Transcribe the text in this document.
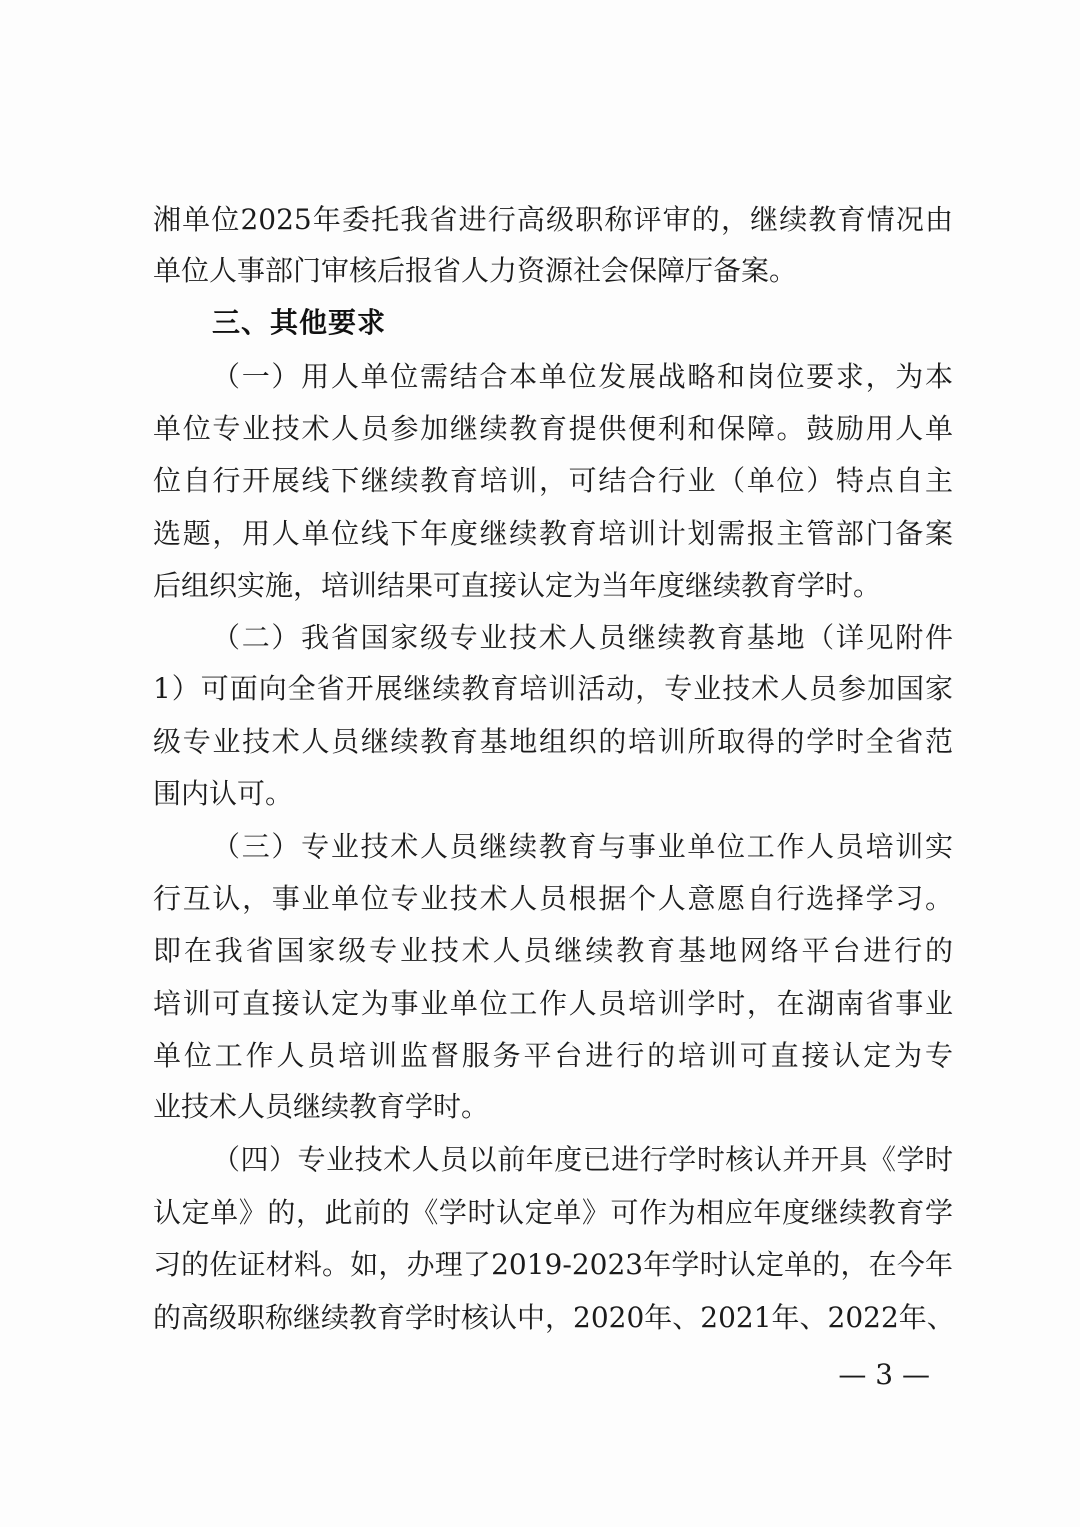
湘单位2025年委托我省进行高级职称评审的，继续教育情况由
单位人事部门审核后报省人力资源社会保障厅备案。
三、其他要求
（一）用人单位需结合本单位发展战略和岗位要求，为本
单位专业技术人员参加继续教育提供便利和保障。鼓励用人单
位自行开展线下继续教育培训，可结合行业（单位）特点自主
选题，用人单位线下年度继续教育培训计划需报主管部门备案
后组织实施，培训结果可直接认定为当年度继续教育学时。
（二）我省国家级专业技术人员继续教育基地（详见附件
1）可面向全省开展继续教育培训活动，专业技术人员参加国家
级专业技术人员继续教育基地组织的培训所取得的学时全省范
围内认可。
（三）专业技术人员继续教育与事业单位工作人员培训实
行互认，事业单位专业技术人员根据个人意愿自行选择学习。
即在我省国家级专业技术人员继续教育基地网络平台进行的
培训可直接认定为事业单位工作人员培训学时，在湖南省事业
单位工作人员培训监督服务平台进行的培训可直接认定为专
业技术人员继续教育学时。
（四）专业技术人员以前年度已进行学时核认并开具《学时
认定单》的，此前的《学时认定单》可作为相应年度继续教育学
习的佐证材料。如，办理了2019-2023年学时认定单的，在今年
的高级职称继续教育学时核认中，2020年、2021年、2022年、
— 3 —
